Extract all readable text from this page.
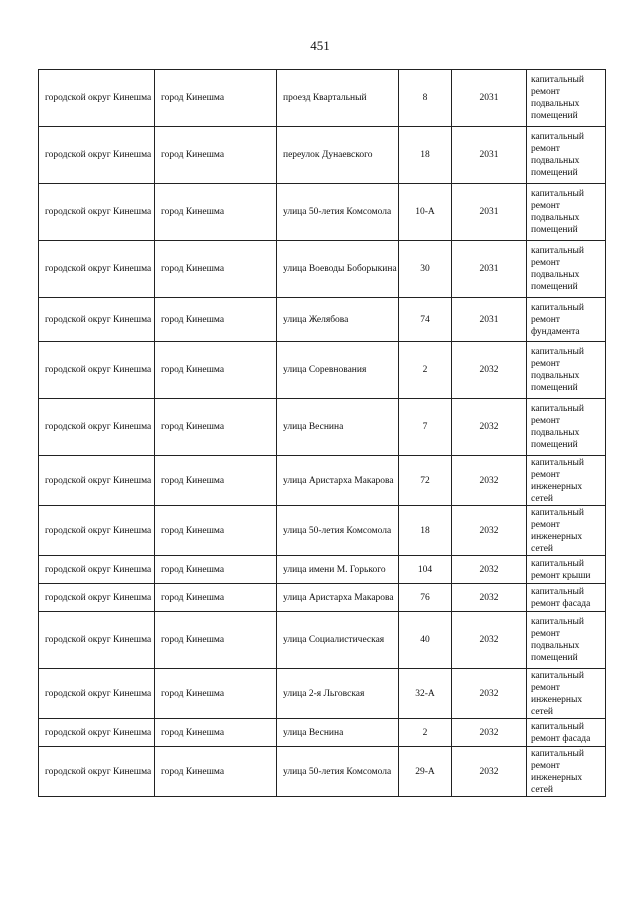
451
городской округ Кинешма	город Кинешма	проезд Квартальный	8	2031	капитальный ремонт подвальных помещений
городской округ Кинешма	город Кинешма	переулок Дунаевского	18	2031	капитальный ремонт подвальных помещений
городской округ Кинешма	город Кинешма	улица 50-летия Комсомола	10-А	2031	капитальный ремонт подвальных помещений
городской округ Кинешма	город Кинешма	улица Воеводы Боборыкина	30	2031	капитальный ремонт подвальных помещений
городской округ Кинешма	город Кинешма	улица Желябова	74	2031	капитальный ремонт фундамента
городской округ Кинешма	город Кинешма	улица Соревнования	2	2032	капитальный ремонт подвальных помещений
городской округ Кинешма	город Кинешма	улица Веснина	7	2032	капитальный ремонт подвальных помещений
городской округ Кинешма	город Кинешма	улица Аристарха Макарова	72	2032	капитальный ремонт инженерных сетей
городской округ Кинешма	город Кинешма	улица 50-летия Комсомола	18	2032	капитальный ремонт инженерных сетей
городской округ Кинешма	город Кинешма	улица имени М. Горького	104	2032	капитальный ремонт крыши
городской округ Кинешма	город Кинешма	улица Аристарха Макарова	76	2032	капитальный ремонт фасада
городской округ Кинешма	город Кинешма	улица Социалистическая	40	2032	капитальный ремонт подвальных помещений
городской округ Кинешма	город Кинешма	улица 2-я Льговская	32-А	2032	капитальный ремонт инженерных сетей
городской округ Кинешма	город Кинешма	улица Веснина	2	2032	капитальный ремонт фасада
городской округ Кинешма	город Кинешма	улица 50-летия Комсомола	29-А	2032	капитальный ремонт инженерных сетей
